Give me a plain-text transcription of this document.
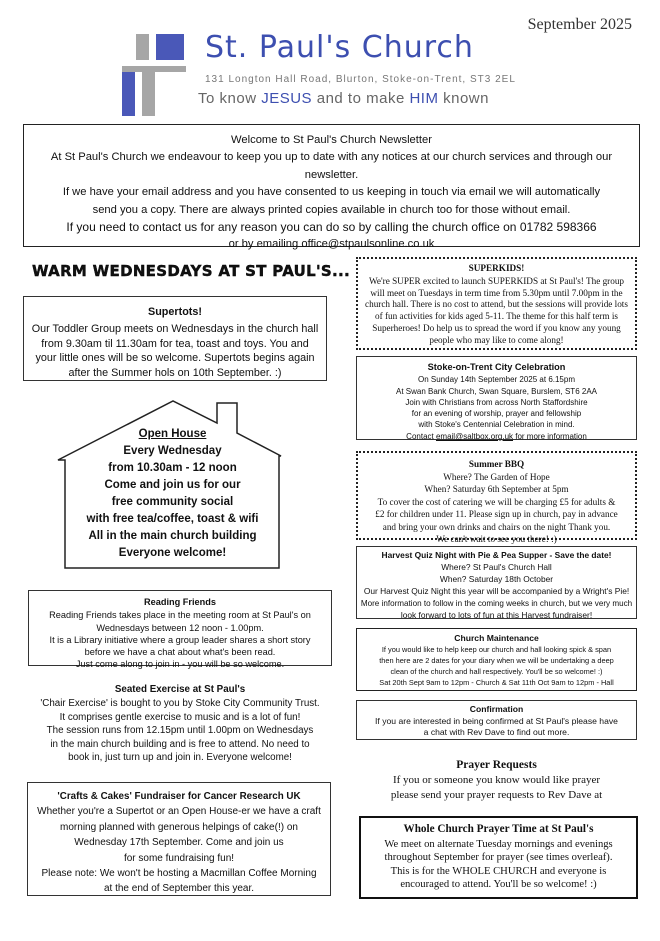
September 2025
St. Paul's Church
131 Longton Hall Road, Blurton, Stoke-on-Trent, ST3 2EL
To know JESUS and to make HIM known

Welcome to St Paul's Church Newsletter

At St Paul's Church we endeavour to keep you up to date with any notices at our church services and through our newsletter.

If we have your email address and you have consented to us keeping in touch via email we will automatically

send you a copy. There are always printed copies available in church too for those without email.

If you need to contact us for any reason you can do so by calling the church office on 01782 598366

or by emailing office@stpaulsonline.co.uk

WARM WEDNESDAYS AT ST PAUL'S...

Supertots!

Our Toddler Group meets on Wednesdays in the church hall from 9.30am til 11.30am for tea, toast and toys. You and your little ones will be so welcome. Supertots begins again after the Summer hols on 10th September. :)

Open House

Every Wednesday

from 10.30am - 12 noon

Come and join us for our

free community social

with free tea/coffee, toast & wifi

All in the main church building

Everyone welcome!

Reading Friends

Reading Friends takes place in the meeting room at St Paul's on

Wednesdays between 12 noon - 1.00pm.

It is a Library initiative where a group leader shares a short story

before we have a chat about what's been read.

Just come along to join in - you will be so welcome.

Seated Exercise at St Paul's

'Chair Exercise' is bought to you by Stoke City Community Trust.

It comprises gentle exercise to music and is a lot of fun!

The session runs from 12.15pm until 1.00pm on Wednesdays

in the main church building and is free to attend. No need to

book in, just turn up and join in. Everyone welcome!

'Crafts & Cakes' Fundraiser for Cancer Research UK

Whether you're a Supertot or an Open House-er we have a craft

morning planned with generous helpings of cake(!) on

Wednesday 17th September. Come and join us

for some fundraising fun!

Please note: We won't be hosting a Macmillan Coffee Morning

at the end of September this year.

SUPERKIDS!

We're SUPER excited to launch SUPERKIDS at St Paul's! The group will meet on Tuesdays in term time from 5.30pm until 7.00pm in the church hall. There is no cost to attend, but the sessions will provide lots of fun activities for kids aged 5-11. The theme for this half term is Superheroes! Do help us to spread the word if you know any young people who may like to come along!

Stoke-on-Trent City Celebration

On Sunday 14th September 2025 at 6.15pm

At Swan Bank Church, Swan Square, Burslem, ST6 2AA

Join with Christians from across North Staffordshire

for an evening of worship, prayer and fellowship

with Stoke's Centennial Celebration in mind.

Contact email@saltbox.org.uk for more information

Summer BBQ

Where? The Garden of Hope

When? Saturday 6th September at 5pm

To cover the cost of catering we will be charging £5 for adults &

£2 for children under 11. Please sign up in church, pay in advance

and bring your own drinks and chairs on the night Thank you.

We can't wait to see you there! :)

Harvest Quiz Night with Pie & Pea Supper - Save the date!

Where? St Paul's Church Hall

When? Saturday 18th October

Our Harvest Quiz Night this year will be accompanied by a Wright's Pie!

More information to follow in the coming weeks in church, but we very much

look forward to lots of fun at this Harvest fundraiser!

Church Maintenance

If you would like to help keep our church and hall looking spick & span

then here are 2 dates for your diary when we will be undertaking a deep

clean of the church and hall respectively. You'll be so welcome! :)

Sat 20th Sept 9am to 12pm - Church & Sat 11th Oct 9am to 12pm - Hall

Confirmation

If you are interested in being confirmed at St Paul's please have

a chat with Rev Dave to find out more.

Prayer Requests

If you or someone you know would like prayer

please send your prayer requests to Rev Dave at

Whole Church Prayer Time at St Paul's

We meet on alternate Tuesday mornings and evenings

throughout September for prayer (see times overleaf).

This is for the WHOLE CHURCH and everyone is

encouraged to attend. You'll be so welcome! :)
